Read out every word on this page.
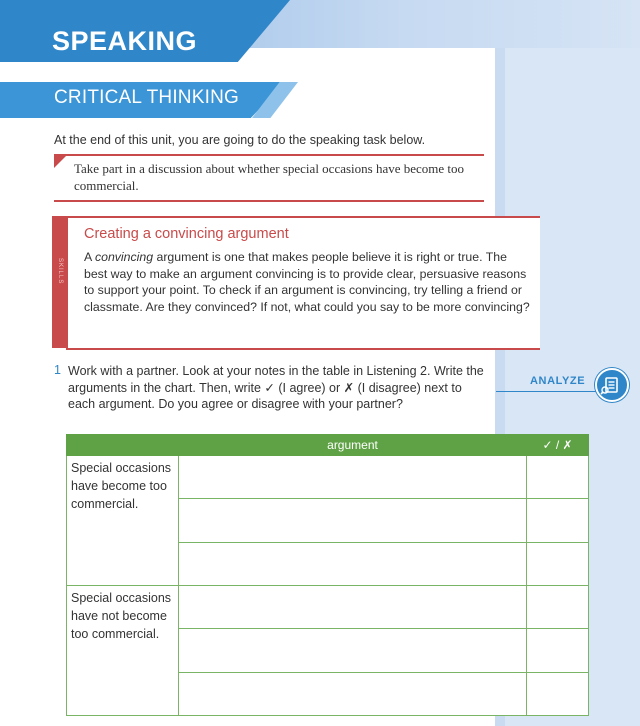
SPEAKING
CRITICAL THINKING

At the end of this unit, you are going to do the speaking task below.

Take part in a discussion about whether special occasions have become too commercial.

SKILLS
Creating a convincing argument

A convincing argument is one that makes people believe it is right or true. The best way to make an argument convincing is to provide clear, persuasive reasons to support your point. To check if an argument is convincing, try telling a friend or classmate. Are they convinced? If not, what could you say to be more convincing?

1 Work with a partner. Look at your notes in the table in Listening 2. Write the arguments in the chart. Then, write ✓ (I agree) or ✗ (I disagree) next to each argument. Do you agree or disagree with your partner?

ANALYZE

	argument	✓ / ✗
Special occasions have become too commercial.		

Special occasions have not become too commercial.		
